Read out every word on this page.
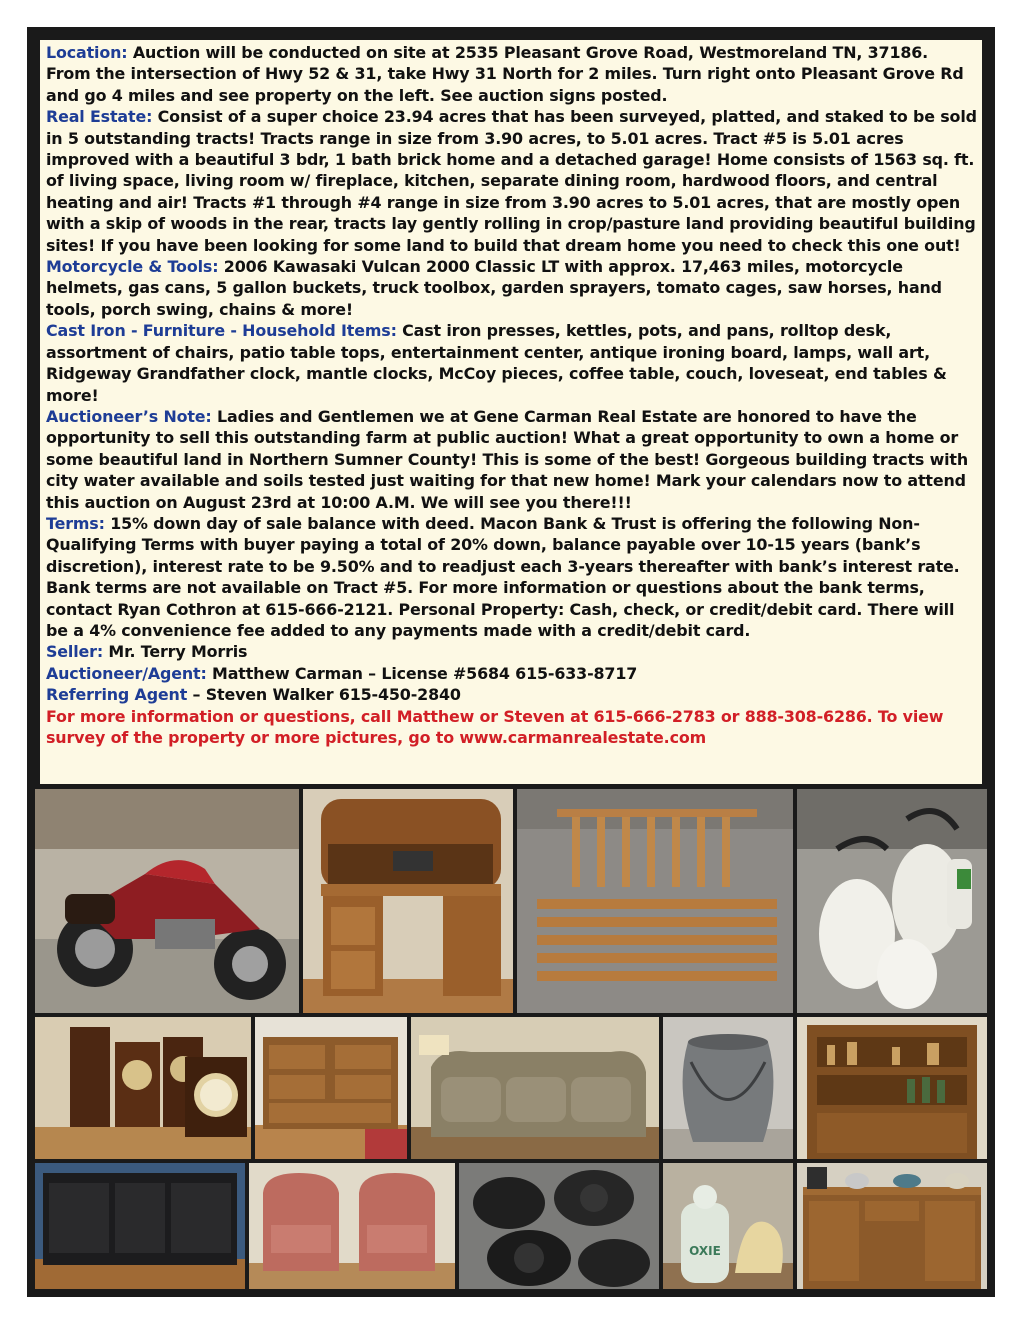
Location: Auction will be conducted on site at 2535 Pleasant Grove Road, Westmoreland TN, 37186. From the intersection of Hwy 52 & 31, take Hwy 31 North for 2 miles. Turn right onto Pleasant Grove Rd and go 4 miles and see property on the left. See auction signs posted.

Real Estate: Consist of a super choice 23.94 acres that has been surveyed, platted, and staked to be sold in 5 outstanding tracts! Tracts range in size from 3.90 acres, to 5.01 acres. Tract #5 is 5.01 acres improved with a beautiful 3 bdr, 1 bath brick home and a detached garage! Home consists of 1563 sq. ft. of living space, living room w/ fireplace, kitchen, separate dining room, hardwood floors, and central heating and air! Tracts #1 through #4 range in size from 3.90 acres to 5.01 acres, that are mostly open with a skip of woods in the rear, tracts lay gently rolling in crop/pasture land providing beautiful building sites! If you have been looking for some land to build that dream home you need to check this one out!

Motorcycle & Tools: 2006 Kawasaki Vulcan 2000 Classic LT with approx. 17,463 miles, motorcycle helmets, gas cans, 5 gallon buckets, truck toolbox, garden sprayers, tomato cages, saw horses, hand tools, porch swing, chains & more!

Cast Iron - Furniture - Household Items: Cast iron presses, kettles, pots, and pans, rolltop desk, assortment of chairs, patio table tops, entertainment center, antique ironing board, lamps, wall art, Ridgeway Grandfather clock, mantle clocks, McCoy pieces, coffee table, couch, loveseat, end tables & more!

Auctioneer’s Note: Ladies and Gentlemen we at Gene Carman Real Estate are honored to have the opportunity to sell this outstanding farm at public auction! What a great opportunity to own a home or some beautiful land in Northern Sumner County! This is some of the best! Gorgeous building tracts with city water available and soils tested just waiting for that new home! Mark your calendars now to attend this auction on August 23rd at 10:00 A.M. We will see you there!!!

Terms: 15% down day of sale balance with deed. Macon Bank & Trust is offering the following Non-Qualifying Terms with buyer paying a total of 20% down, balance payable over 10-15 years (bank’s discretion), interest rate to be 9.50% and to readjust each 3-years thereafter with bank’s interest rate. Bank terms are not available on Tract #5. For more information or questions about the bank terms, contact Ryan Cothron at 615-666-2121. Personal Property: Cash, check, or credit/debit card. There will be a 4% convenience fee added to any payments made with a credit/debit card.

Seller: Mr. Terry Morris

Auctioneer/Agent: Matthew Carman – License #5684 615-633-8717

Referring Agent – Steven Walker 615-450-2840

For more information or questions, call Matthew or Steven at 615-666-2783 or 888-308-6286. To view survey of the property or more pictures, go to www.carmanrealestate.com

OXIE
